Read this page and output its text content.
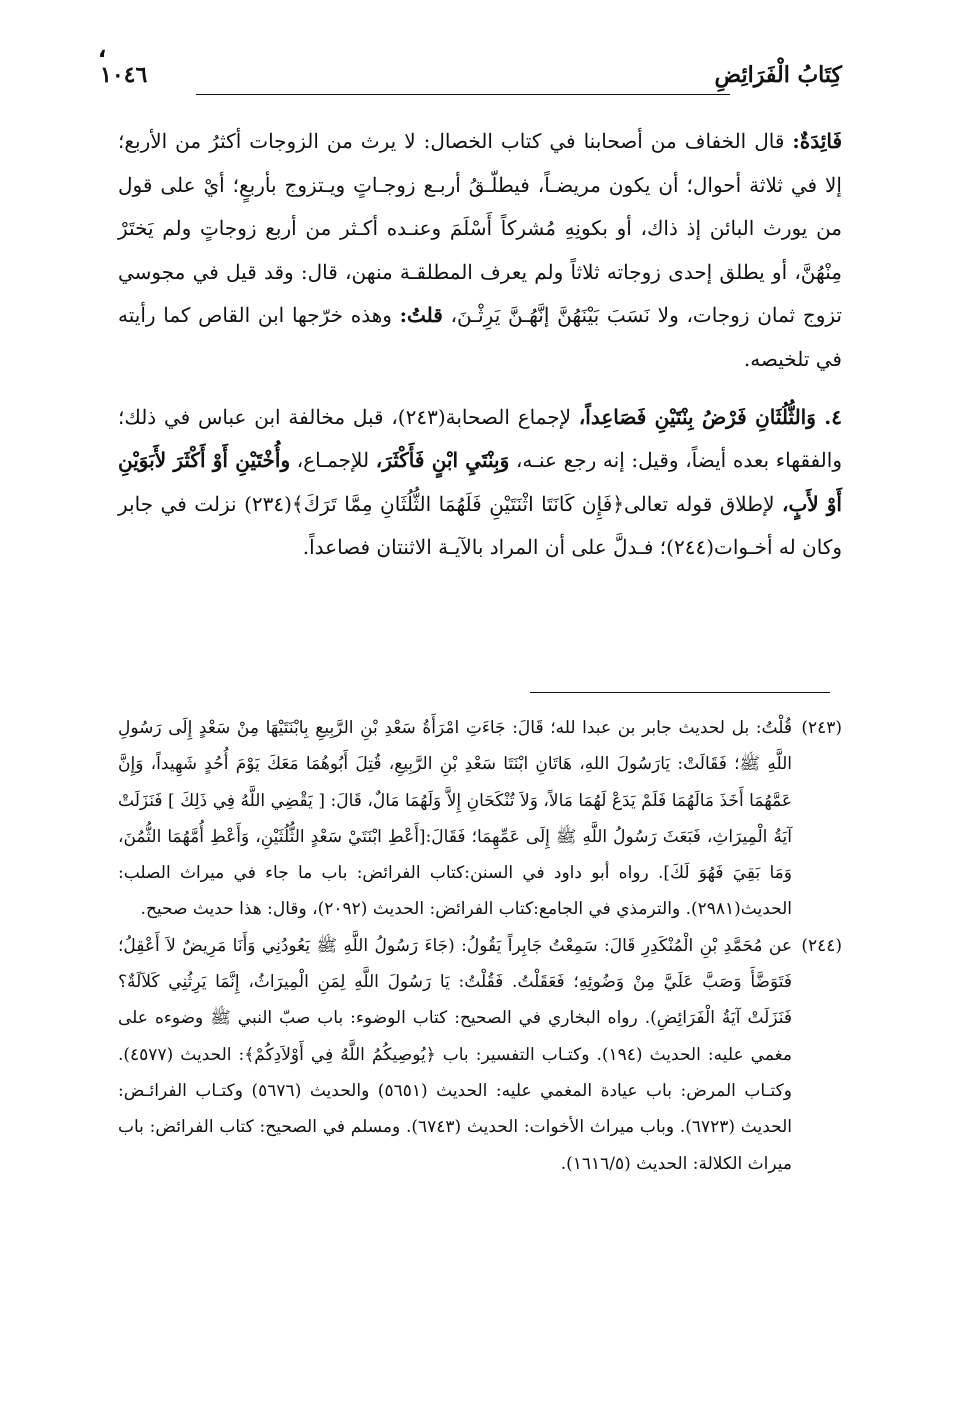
،
كِتَابُ الْفَرَائِضِ
١٠٤٦

فَائِدَةٌ: قال الخفاف من أصحابنا في كتاب الخصال: لا يرث من الزوجات أكثرُ من الأربع؛ إلا في ثلاثة أحوال؛ أن يكون مريضـاً، فيطلّـقُ أربـع زوجـاتٍ ويـتزوج بأربعٍ؛ أيْ على قول من يورث البائن إذ ذاك، أو بكونِهِ مُشركاً أَسْلَمَ وعنـده أكـثر من أربع زوجاتٍ ولم يَختَرْ مِنْهُنَّ، أو يطلق إحدى زوجاته ثلاثاً ولم يعرف المطلقـة منهن، قال: وقد قيل في مجوسي تزوج ثمان زوجات، ولا نَسَبَ بَيْنَهُنَّ إنَّهُـنَّ يَرِثْـنَ، قلتُ: وهذه خرّجها ابن القاص كما رأيته في تلخيصه.

٤. وَالثُّلُثَانِ فَرْضُ بِنْتَيْنِ فَصَاعِداً، لإجماع الصحابة(٢٤٣)، قبل مخالفة ابن عباس في ذلك؛ والفقهاء بعده أيضاً، وقيل: إنه رجع عنـه، وَبِنْتَيِ ابْنٍ فَأَكْثَرَ، للإجمـاع، وأُخْتَيْنِ أَوْ أَكْثَرَ لأَبَوَيْنِ أَوْ لأَبٍ، لإطلاق قوله تعالى﴿فَإِن كَانَتَا اثْنَتَيْنِ فَلَهُمَا الثُّلُثَانِ مِمَّا تَرَكَ﴾(٢٣٤) نزلت في جابر وكان له أخـوات(٢٤٤)؛ فـدلَّ على أن المراد بالآيـة الاثنتان فصاعداً.

(٢٤٣)قُلْتُ: بل لحديث جابر بن عبدا لله؛ قَالَ: جَاءَتِ امْرَأَةُ سَعْدِ بْنِ الرَّبِيعِ بِابْنَتَيْهَا مِنْ سَعْدٍ إِلَى رَسُولِ اللَّهِ ﷺ؛ فَقَالَتْ: يَارَسُولَ اللهِ، هَاتَانِ ابْنَتَا سَعْدِ بْنِ الرَّبِيعِ، قُتِلَ أَبُوهُمَا مَعَكَ يَوْمَ أُحُدٍ شَهِيداً، وَإِنَّ عَمَّهُمَا أَخَذَ مَالَهُمَا فَلَمْ يَدَعْ لَهُمَا مَالاً، وَلاَ تُنْكَحَانِ إِلاَّ وَلَهُمَا مَالٌ، قَالَ: [ يَقْضِي اللَّهُ فِي ذَلِكَ ] فَنَزَلَتْ آيَةُ الْمِيرَاثِ، فَبَعَثَ رَسُولُ اللَّهِ ﷺ إِلَى عَمِّهِمَا؛ فَقَالَ:[أَعْطِ ابْنَتَيْ سَعْدٍ الثُّلُثَيْنِ، وَأَعْطِ أُمَّهُمَا الثُّمُنَ، وَمَا بَقِيَ فَهُوَ لَكَ]. رواه أبو داود في السنن:كتاب الفرائض: باب ما جاء في ميراث الصلب: الحديث(٢٩٨١). والترمذي في الجامع:كتاب الفرائض: الحديث (٢٠٩٢)، وقال: هذا حديث صحيح.

(٢٤٤)عن مُحَمَّدِ بْنِ الْمُنْكَدِرِ قَالَ: سَمِعْتُ جَابِراً يَقُولُ: (جَاءَ رَسُولُ اللَّهِ ﷺ يَعُودُنِي وَأَنَا مَرِيضٌ لاَ أَعْقِلُ؛ فَتَوَضَّأَ وَصَبَّ عَلَيَّ مِنْ وَضُوئِهِ؛ فَعَقَلْتُ. فَقُلْتُ: يَا رَسُولَ اللَّهِ لِمَنِ الْمِيرَاثُ، إِنَّمَا يَرِثُنِي كَلاَلَةٌ؟ فَنَزَلَتْ آيَةُ الْفَرَائِضِ). رواه البخاري في الصحيح: كتاب الوضوء: باب صبّ النبي ﷺ وضوءه على مغمي عليه: الحديث (١٩٤). وكتـاب التفسير: باب ﴿يُوصِيكُمُ اللَّهُ فِي أَوْلاَدِكُمْ﴾: الحديث (٤٥٧٧). وكتـاب المرض: باب عيادة المغمي عليه: الحديث (٥٦٥١) والحديث (٥٦٧٦) وكتـاب الفرائـض: الحديث (٦٧٢٣). وباب ميراث الأخوات: الحديث (٦٧٤٣). ومسلم في الصحيح: كتاب الفرائض: باب ميراث الكلالة: الحديث (١٦١٦/٥).
